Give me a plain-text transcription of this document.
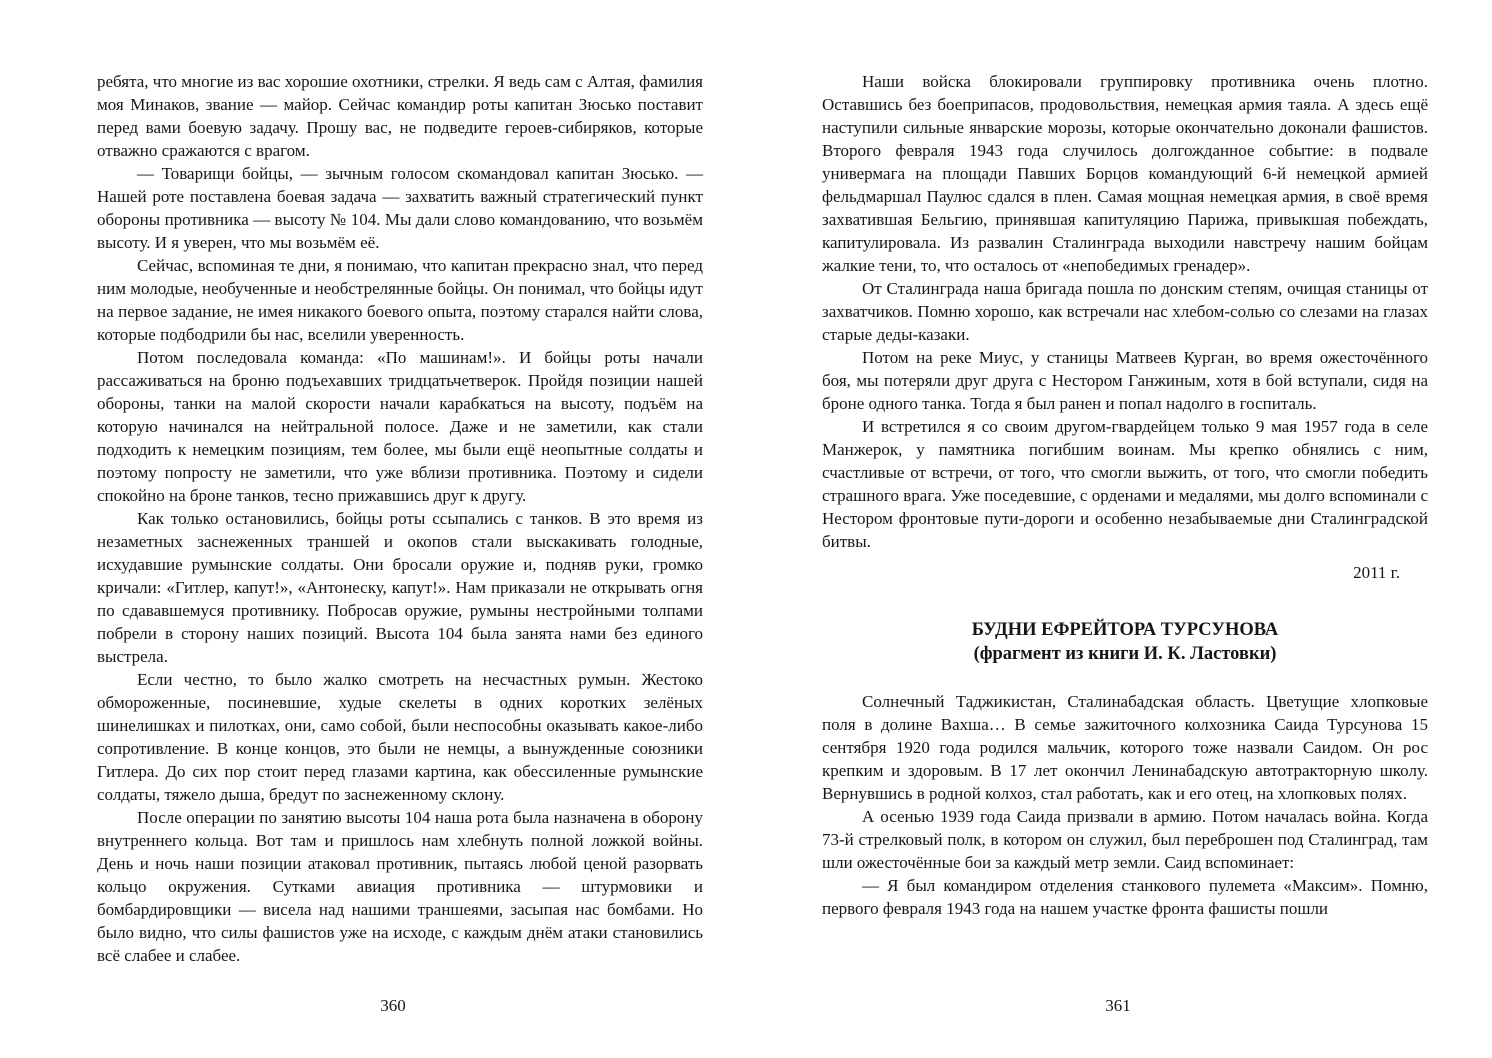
ребята, что многие из вас хорошие охотники, стрелки. Я ведь сам с Алтая, фамилия моя Минаков, звание — майор. Сейчас командир роты капитан Зюсько поставит перед вами боевую задачу. Прошу вас, не подведите героев-сибиряков, которые отважно сражаются с врагом.

— Товарищи бойцы, — зычным голосом скомандовал капитан Зюсько. — Нашей роте поставлена боевая задача — захватить важный стратегический пункт обороны противника — высоту № 104. Мы дали слово командованию, что возьмём высоту. И я уверен, что мы возьмём её.

Сейчас, вспоминая те дни, я понимаю, что капитан прекрасно знал, что перед ним молодые, необученные и необстрелянные бойцы. Он понимал, что бойцы идут на первое задание, не имея никакого боевого опыта, поэтому старался найти слова, которые подбодрили бы нас, вселили уверенность.

Потом последовала команда: «По машинам!». И бойцы роты начали рассаживаться на броню подъехавших тридцатьчетверок. Пройдя позиции нашей обороны, танки на малой скорости начали карабкаться на высоту, подъём на которую начинался на нейтральной полосе. Даже и не заметили, как стали подходить к немецким позициям, тем более, мы были ещё неопытные солдаты и поэтому попросту не заметили, что уже вблизи противника. Поэтому и сидели спокойно на броне танков, тесно прижавшись друг к другу.

Как только остановились, бойцы роты ссыпались с танков. В это время из незаметных заснеженных траншей и окопов стали выскакивать голодные, исхудавшие румынские солдаты. Они бросали оружие и, подняв руки, громко кричали: «Гитлер, капут!», «Антонеску, капут!». Нам приказали не открывать огня по сдававшемуся противнику. Побросав оружие, румыны нестройными толпами побрели в сторону наших позиций. Высота 104 была занята нами без единого выстрела.

Если честно, то было жалко смотреть на несчастных румын. Жестоко обмороженные, посиневшие, худые скелеты в одних коротких зелёных шинелишках и пилотках, они, само собой, были неспособны оказывать какое-либо сопротивление. В конце концов, это были не немцы, а вынужденные союзники Гитлера. До сих пор стоит перед глазами картина, как обессиленные румынские солдаты, тяжело дыша, бредут по заснеженному склону.

После операции по занятию высоты 104 наша рота была назначена в оборону внутреннего кольца. Вот там и пришлось нам хлебнуть полной ложкой войны. День и ночь наши позиции атаковал противник, пытаясь любой ценой разорвать кольцо окружения. Сутками авиация противника — штурмовики и бомбардировщики — висела над нашими траншеями, засыпая нас бомбами. Но было видно, что силы фашистов уже на исходе, с каждым днём атаки становились всё слабее и слабее.

360

Наши войска блокировали группировку противника очень плотно. Оставшись без боеприпасов, продовольствия, немецкая армия таяла. А здесь ещё наступили сильные январские морозы, которые окончательно доконали фашистов. Второго февраля 1943 года случилось долгожданное событие: в подвале универмага на площади Павших Борцов командующий 6-й немецкой армией фельдмаршал Паулюс сдался в плен. Самая мощная немецкая армия, в своё время захватившая Бельгию, принявшая капитуляцию Парижа, привыкшая побеждать, капитулировала. Из развалин Сталинграда выходили навстречу нашим бойцам жалкие тени, то, что осталось от «непобедимых гренадер».

От Сталинграда наша бригада пошла по донским степям, очищая станицы от захватчиков. Помню хорошо, как встречали нас хлебом-солью со слезами на глазах старые деды-казаки.

Потом на реке Миус, у станицы Матвеев Курган, во время ожесточённого боя, мы потеряли друг друга с Нестором Ганжиным, хотя в бой вступали, сидя на броне одного танка. Тогда я был ранен и попал надолго в госпиталь.

И встретился я со своим другом-гвардейцем только 9 мая 1957 года в селе Манжерок, у памятника погибшим воинам. Мы крепко обнялись с ним, счастливые от встречи, от того, что смогли выжить, от того, что смогли победить страшного врага. Уже поседевшие, с орденами и медалями, мы долго вспоминали с Нестором фронтовые пути-дороги и особенно незабываемые дни Сталинградской битвы.

2011 г.
БУДНИ ЕФРЕЙТОРА ТУРСУНОВА
(фрагмент из книги И. К. Ластовки)

Солнечный Таджикистан, Сталинабадская область. Цветущие хлопковые поля в долине Вахша… В семье зажиточного колхозника Саида Турсунова 15 сентября 1920 года родился мальчик, которого тоже назвали Саидом. Он рос крепким и здоровым. В 17 лет окончил Ленинабадскую автотракторную школу. Вернувшись в родной колхоз, стал работать, как и его отец, на хлопковых полях.

А осенью 1939 года Саида призвали в армию. Потом началась война. Когда 73-й стрелковый полк, в котором он служил, был переброшен под Сталинград, там шли ожесточённые бои за каждый метр земли. Саид вспоминает:

— Я был командиром отделения станкового пулемета «Максим». Помню, первого февраля 1943 года на нашем участке фронта фашисты пошли

361
